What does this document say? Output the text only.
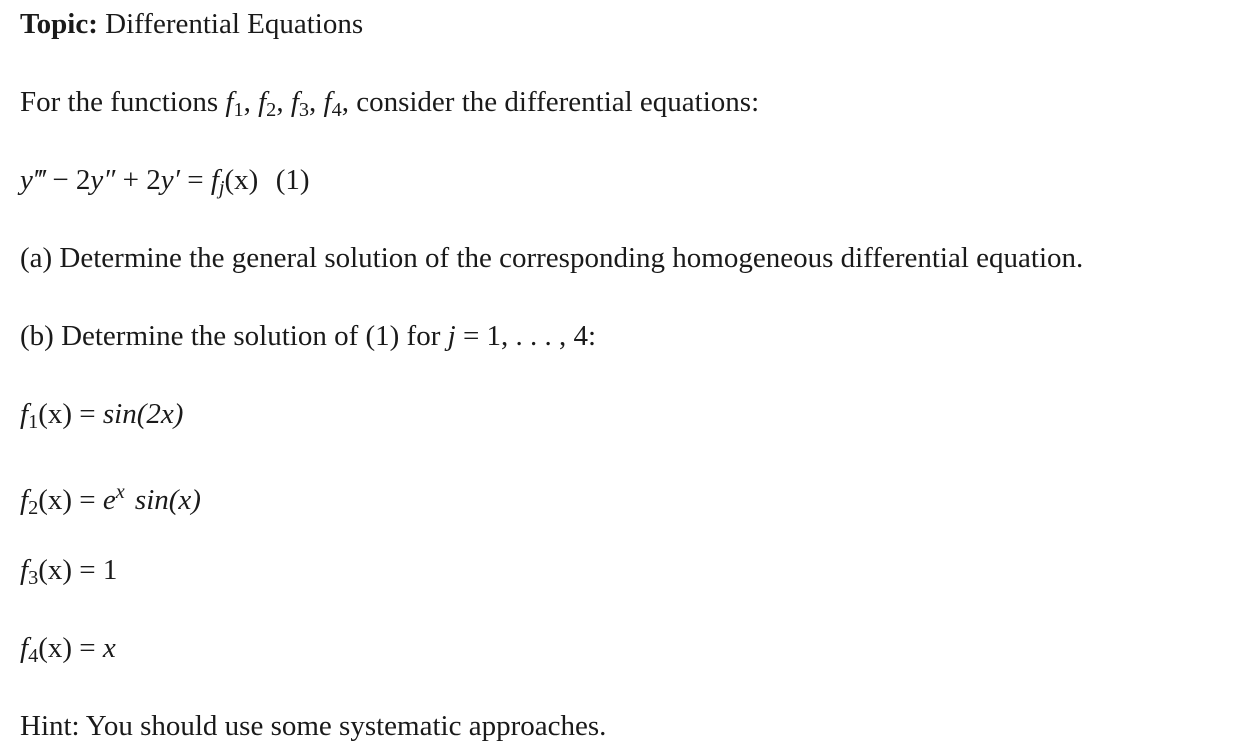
Topic: Differential Equations
For the functions $f_1$, $f_2$, $f_3$, $f_4$, consider the differential equations:
y‴ − 2y″ + 2y′ = fj(x) (1)
(a) Determine the general solution of the corresponding homogeneous differential equation.
(b) Determine the solution of (1) for j = 1, . . . , 4:
$f_1(x) = \sin(2x)$
$f_2(x) = e^x$ sin(x)
$f_3(x) = 1$
$f_4(x) = x$
Hint: You should use some systematic approaches.
